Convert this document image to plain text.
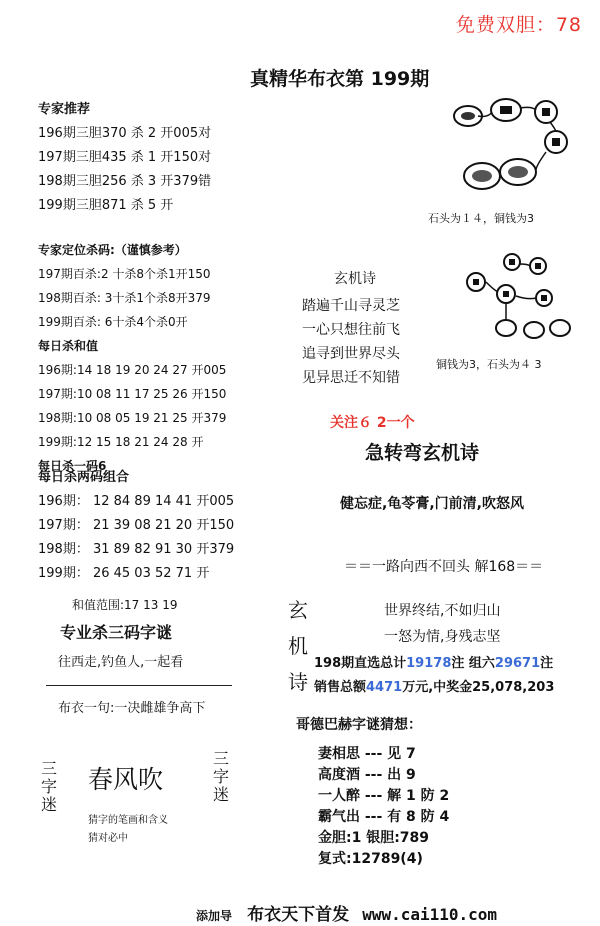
免费双胆：78
真精华布衣第 199期
专家推荐
196期三胆370 杀 2 开005对
197期三胆435 杀 1 开150对
198期三胆256 杀 3 开379错
199期三胆871 杀 5 开
专家定位杀码:（谨慎参考）
197期百杀:2 十杀8个杀1开150
198期百杀: 3十杀1个杀8开379
199期百杀: 6十杀4个杀0开
每日杀和值
196期:14 18 19 20 24 27 开005
197期:10 08 11 17 25 26 开150
198期:10 08 05 19 21 25 开379
199期:12 15 18 21 24 28 开
每日杀一码6
每日杀两码组合
196期： 12 84 89 14 41 开005
197期： 21 39 08 21 20 开150
198期： 31 89 82 91 30 开379
199期： 26 45 03 52 71 开
和值范围:17 13 19
专业杀三码字谜
往西走,钓鱼人,一起看
布衣一句:一决雌雄争高下
三字迷
春风吹
三字迷
猜字的笔画和含义
猜对必中
石头为１４，铜钱为3
铜钱为3，石头为４ 3
玄机诗
踏遍千山寻灵芝
一心只想往前飞
追寻到世界尽头
见异思迁不知错
关注６ 2一个
急转弯玄机诗
健忘症,龟苓膏,门前清,吹怒风
＝＝一路向西不回头 解168＝＝
玄机诗
世界终结,不如归山
一怒为情,身残志坚
198期直选总计19178注 组六29671注
销售总额4471万元,中奖金25,078,203
哥德巴赫字谜猜想：
妻相思 --- 见 7
高度酒 --- 出 9
一人醉 --- 解 1 防 2
霸气出 --- 有 8 防 4
金胆:1 银胆:789
复式:12789(4)
添加导 布衣天下首发 www.cai110.com
